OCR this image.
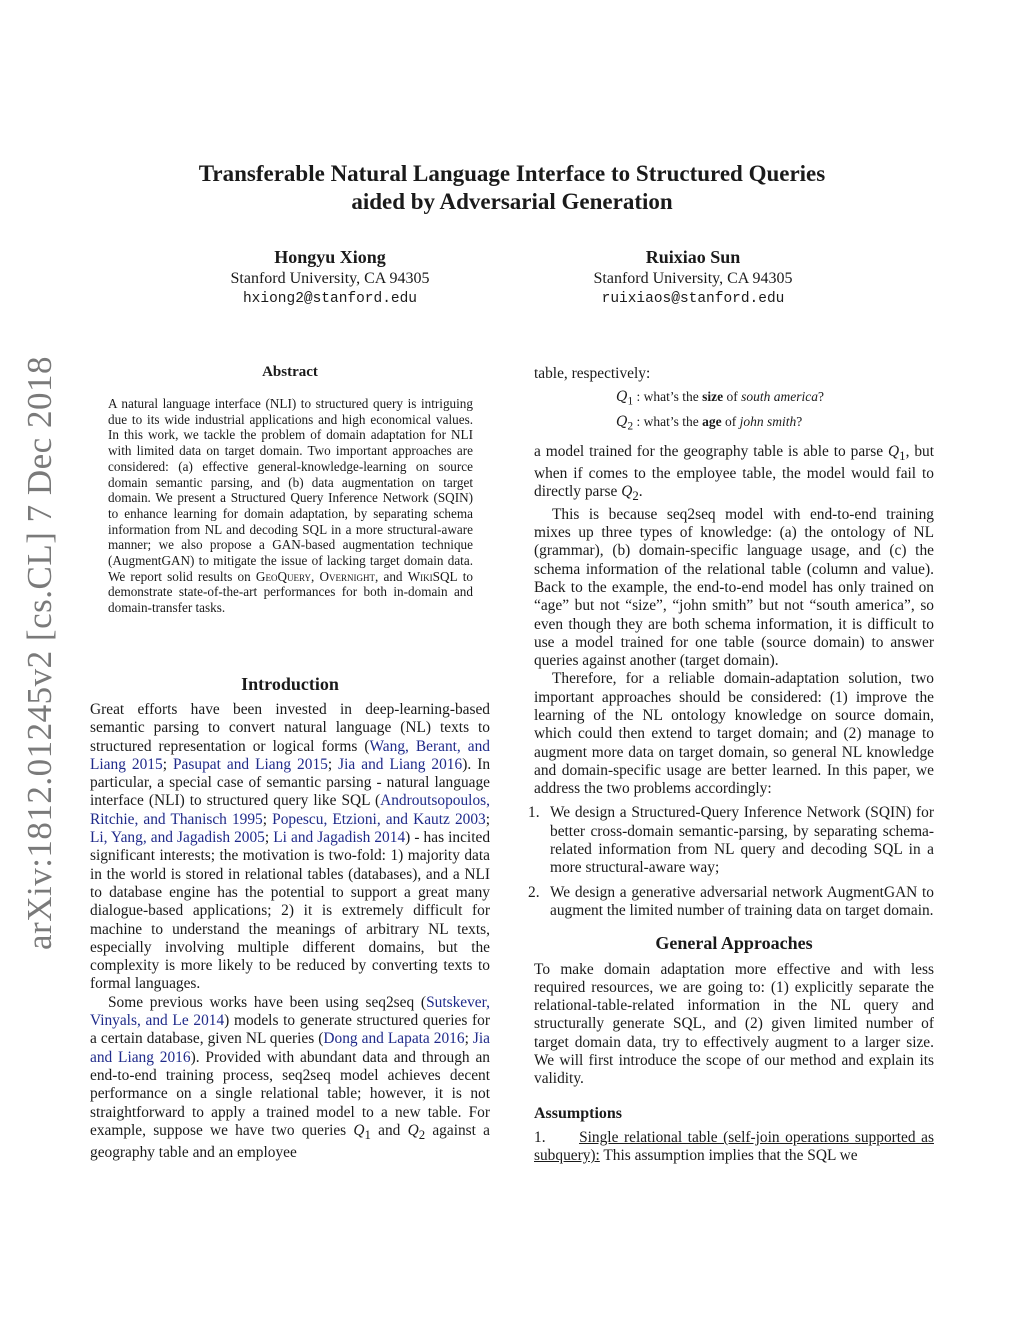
Transferable Natural Language Interface to Structured Queries
aided by Adversarial Generation
Hongyu Xiong
Stanford University, CA 94305
hxiong2@stanford.edu
Ruixiao Sun
Stanford University, CA 94305
ruixiaos@stanford.edu
arXiv:1812.01245v2 [cs.CL] 7 Dec 2018	Abstract
A natural language interface (NLI) to structured query is intriguing due to its wide industrial applications and high economical values. In this work, we tackle the problem of domain adaptation for NLI with limited data on target domain. Two important approaches are considered: (a) effective general-knowledge-learning on source domain semantic parsing, and (b) data augmentation on target domain. We present a Structured Query Inference Network (SQIN) to enhance learning for domain adaptation, by separating schema information from NL and decoding SQL in a more structural-aware manner; we also propose a GAN-based augmentation technique (AugmentGAN) to mitigate the issue of lacking target domain data. We report solid results on GeoQuery, Overnight, and WikiSQL to demonstrate state-of-the-art performances for both in-domain and domain-transfer tasks.
Introduction

Great efforts have been invested in deep-learning-based semantic parsing to convert natural language (NL) texts to structured representation or logical forms (Wang, Berant, and Liang 2015; Pasupat and Liang 2015; Jia and Liang 2016). In particular, a special case of semantic parsing - natural language interface (NLI) to structured query like SQL (Androutsopoulos, Ritchie, and Thanisch 1995; Popescu, Etzioni, and Kautz 2003; Li, Yang, and Jagadish 2005; Li and Jagadish 2014) - has incited significant interests; the motivation is two-fold: 1) majority data in the world is stored in relational tables (databases), and a NLI to database engine has the potential to support a great many dialogue-based applications; 2) it is extremely difficult for machine to understand the meanings of arbitrary NL texts, especially involving multiple different domains, but the complexity is more likely to be reduced by converting texts to formal languages.

Some previous works have been using seq2seq (Sutskever, Vinyals, and Le 2014) models to generate structured queries for a certain database, given NL queries (Dong and Lapata 2016; Jia and Liang 2016). Provided with abundant data and through an end-to-end training process, seq2seq model achieves decent performance on a single relational table; however, it is not straightforward to apply a trained model to a new table. For example, suppose we have two queries $Q_1$ and $Q_2$ against a geography table and an employee

table, respectively:

$Q_1$ : what’s the size of south america?
$Q_2$ : what’s the age of john smith?

a model trained for the geography table is able to parse $Q_1$, but when if comes to the employee table, the model would fail to directly parse $Q_2$.

This is because seq2seq model with end-to-end training mixes up three types of knowledge: (a) the ontology of NL (grammar), (b) domain-specific language usage, and (c) the schema information of the relational table (column and value). Back to the example, the end-to-end model has only trained on “age” but not “size”, “john smith” but not “south america”, so even though they are both schema information, it is difficult to use a model trained for one table (source domain) to answer queries against another (target domain).

Therefore, for a reliable domain-adaptation solution, two important approaches should be considered: (1) improve the learning of the NL ontology knowledge on source domain, which could then extend to target domain; and (2) manage to augment more data on target domain, so general NL knowledge and domain-specific usage are better learned. In this paper, we address the two problems accordingly:

1. We design a Structured-Query Inference Network (SQIN) for better cross-domain semantic-parsing, by separating schema-related information from NL query and decoding SQL in a more structural-aware way;
2. We design a generative adversarial network AugmentGAN to augment the limited number of training data on target domain.
General Approaches

To make domain adaptation more effective and with less required resources, we are going to: (1) explicitly separate the relational-table-related information in the NL query and structurally generate SQL, and (2) given limited number of target domain data, try to effectively augment to a larger size. We will first introduce the scope of our method and explain its validity.

Assumptions

1. Single relational table (self-join operations supported as subquery): This assumption implies that the SQL we
